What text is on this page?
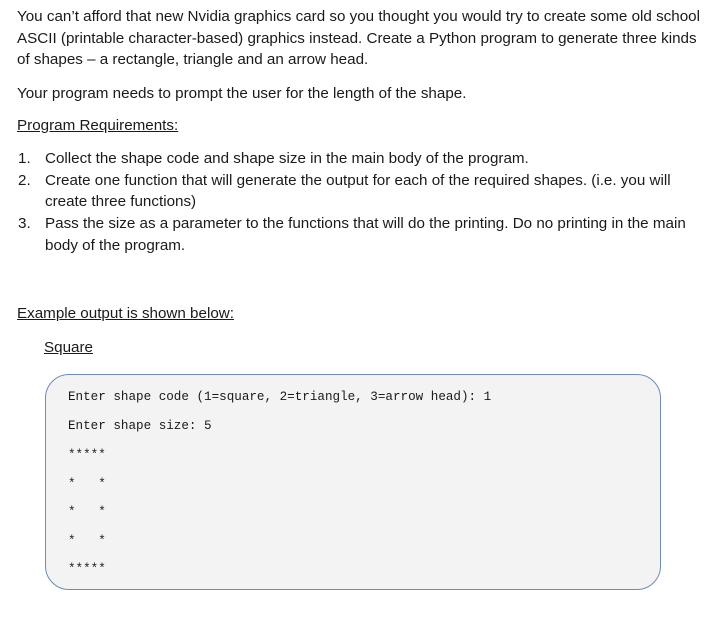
You can’t afford that new Nvidia graphics card so you thought you would try to create some old school ASCII (printable character-based) graphics instead. Create a Python program to generate three kinds of shapes – a rectangle, triangle and an arrow head.

Your program needs to prompt the user for the length of the shape.

Program Requirements:

1. Collect the shape code and shape size in the main body of the program.
2. Create one function that will generate the output for each of the required shapes. (i.e. you will create three functions)
3. Pass the size as a parameter to the functions that will do the printing. Do no printing in the main body of the program.
Example output is shown below:
Square
Enter shape code (1=square, 2=triangle, 3=arrow head): 1
Enter shape size: 5
*****
*   *
*   *
*   *
*****
